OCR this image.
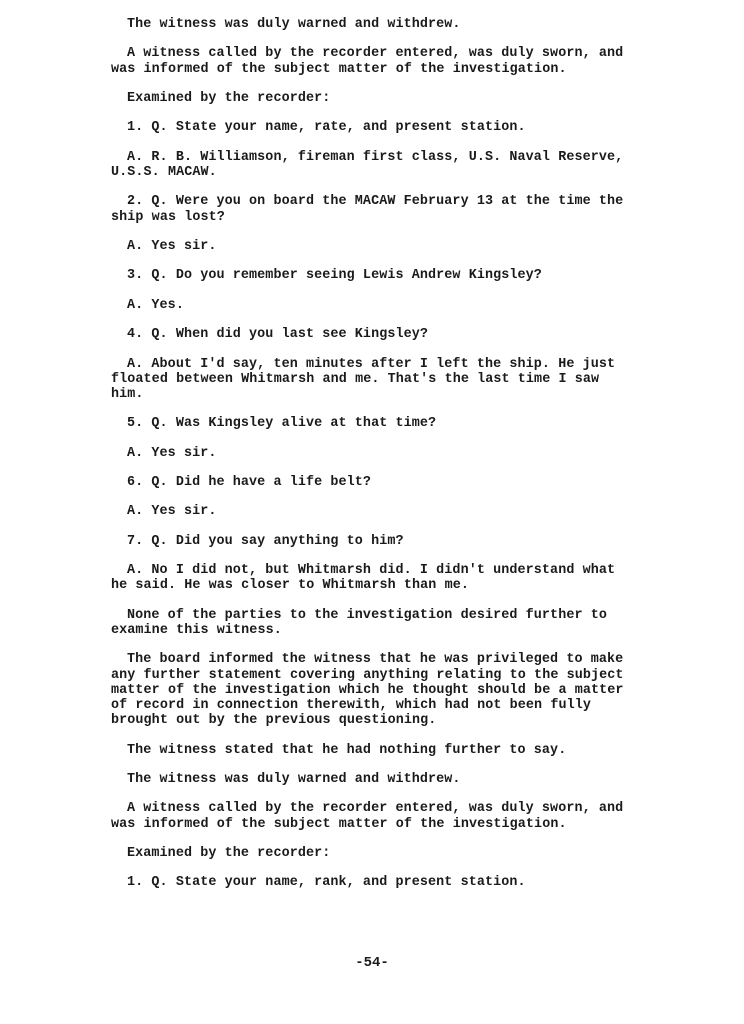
The witness was duly warned and withdrew.

A witness called by the recorder entered, was duly sworn, and
was informed of the subject matter of the investigation.

Examined by the recorder:

1. Q. State your name, rate, and present station.

A. R. B. Williamson, fireman first class, U.S. Naval Reserve,
U.S.S. MACAW.

2. Q. Were you on board the MACAW February 13 at the time the
ship was lost?

A. Yes sir.

3. Q. Do you remember seeing Lewis Andrew Kingsley?

A. Yes.

4. Q. When did you last see Kingsley?

A. About I'd say, ten minutes after I left the ship. He just
floated between Whitmarsh and me. That's the last time I saw
him.

5. Q. Was Kingsley alive at that time?

A. Yes sir.

6. Q. Did he have a life belt?

A. Yes sir.

7. Q. Did you say anything to him?

A. No I did not, but Whitmarsh did. I didn't understand what
he said. He was closer to Whitmarsh than me.

None of the parties to the investigation desired further to
examine this witness.

The board informed the witness that he was privileged to make
any further statement covering anything relating to the subject
matter of the investigation which he thought should be a matter
of record in connection therewith, which had not been fully
brought out by the previous questioning.

The witness stated that he had nothing further to say.

The witness was duly warned and withdrew.

A witness called by the recorder entered, was duly sworn, and
was informed of the subject matter of the investigation.

Examined by the recorder:

1. Q. State your name, rank, and present station.

-54-
